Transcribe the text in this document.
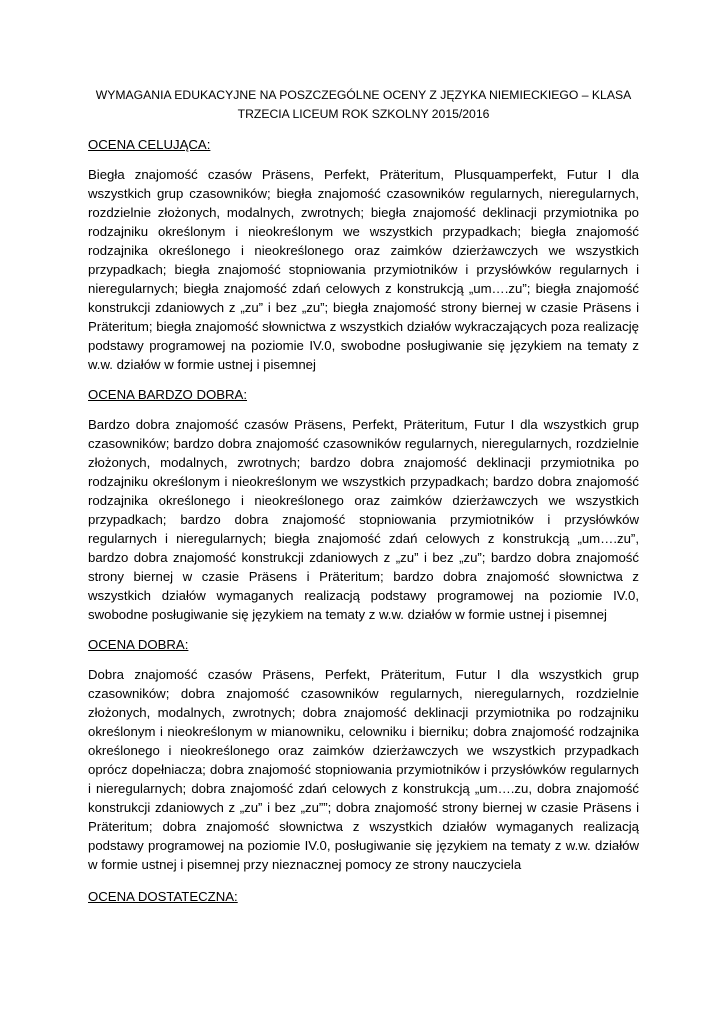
WYMAGANIA EDUKACYJNE NA POSZCZEGÓLNE OCENY Z JĘZYKA NIEMIECKIEGO – KLASA TRZECIA LICEUM ROK SZKOLNY 2015/2016
OCENA CELUJĄCA:
Biegła znajomość czasów Präsens, Perfekt, Präteritum, Plusquamperfekt, Futur I dla wszystkich grup czasowników; biegła znajomość czasowników regularnych, nieregularnych, rozdzielnie złożonych, modalnych, zwrotnych; biegła znajomość deklinacji przymiotnika po rodzajniku określonym i nieokreślonym we wszystkich przypadkach; biegła znajomość rodzajnika określonego i nieokreślonego oraz zaimków dzierżawczych we wszystkich przypadkach; biegła znajomość stopniowania przymiotników i przysłówków regularnych i nieregularnych; biegła znajomość zdań celowych z konstrukcją „um….zu”; biegła znajomość konstrukcji zdaniowych z „zu” i bez „zu”; biegła znajomość strony biernej w czasie Präsens i Präteritum; biegła znajomość słownictwa z wszystkich działów wykraczających poza realizację podstawy programowej na poziomie IV.0, swobodne posługiwanie się językiem na tematy z w.w. działów w formie ustnej i pisemnej
OCENA BARDZO DOBRA:
Bardzo dobra znajomość czasów Präsens, Perfekt, Präteritum, Futur I dla wszystkich grup czasowników; bardzo dobra znajomość czasowników regularnych, nieregularnych, rozdzielnie złożonych, modalnych, zwrotnych; bardzo dobra znajomość deklinacji przymiotnika po rodzajniku określonym i nieokreślonym we wszystkich przypadkach; bardzo dobra znajomość rodzajnika określonego i nieokreślonego oraz zaimków dzierżawczych we wszystkich przypadkach; bardzo dobra znajomość stopniowania przymiotników i przysłówków regularnych i nieregularnych; biegła znajomość zdań celowych z konstrukcją „um….zu”, bardzo dobra znajomość konstrukcji zdaniowych z „zu” i bez „zu”; bardzo dobra znajomość strony biernej w czasie Präsens i Präteritum; bardzo dobra znajomość słownictwa z wszystkich działów wymaganych realizacją podstawy programowej na poziomie IV.0, swobodne posługiwanie się językiem na tematy z w.w. działów w formie ustnej i pisemnej
OCENA DOBRA:
Dobra znajomość czasów Präsens, Perfekt, Präteritum, Futur I dla wszystkich grup czasowników; dobra znajomość czasowników regularnych, nieregularnych, rozdzielnie złożonych, modalnych, zwrotnych; dobra znajomość deklinacji przymiotnika po rodzajniku określonym i nieokreślonym w mianowniku, celowniku i bierniku; dobra znajomość rodzajnika określonego i nieokreślonego oraz zaimków dzierżawczych we wszystkich przypadkach oprócz dopełniacza; dobra znajomość stopniowania przymiotników i przysłówków regularnych i nieregularnych; dobra znajomość zdań celowych z konstrukcją „um….zu, dobra znajomość konstrukcji zdaniowych z „zu” i bez „zu””; dobra znajomość strony biernej w czasie Präsens i Präteritum; dobra znajomość słownictwa z wszystkich działów wymaganych realizacją podstawy programowej na poziomie IV.0, posługiwanie się językiem na tematy z w.w. działów w formie ustnej i pisemnej przy nieznacznej pomocy ze strony nauczyciela
OCENA DOSTATECZNA:
